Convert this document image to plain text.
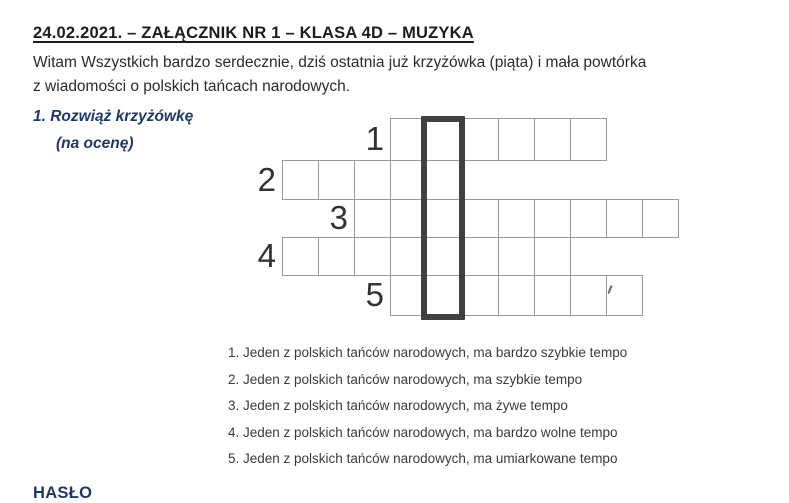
24.02.2021. – ZAŁĄCZNIK NR 1 – KLASA 4D – MUZYKA
Witam Wszystkich bardzo serdecznie, dziś ostatnia już krzyżówka (piąta) i mała powtórka
z wiadomości o polskich tańcach narodowych.
1. Rozwiąż krzyżówkę
(na ocenę)	1
2
3
4
5
1. Jeden z polskich tańców narodowych, ma bardzo szybkie tempo
2. Jeden z polskich tańców narodowych, ma szybkie tempo
3. Jeden z polskich tańców narodowych, ma żywe tempo
4. Jeden z polskich tańców narodowych, ma bardzo wolne tempo
5. Jeden z polskich tańców narodowych, ma umiarkowane tempo
HASŁO
